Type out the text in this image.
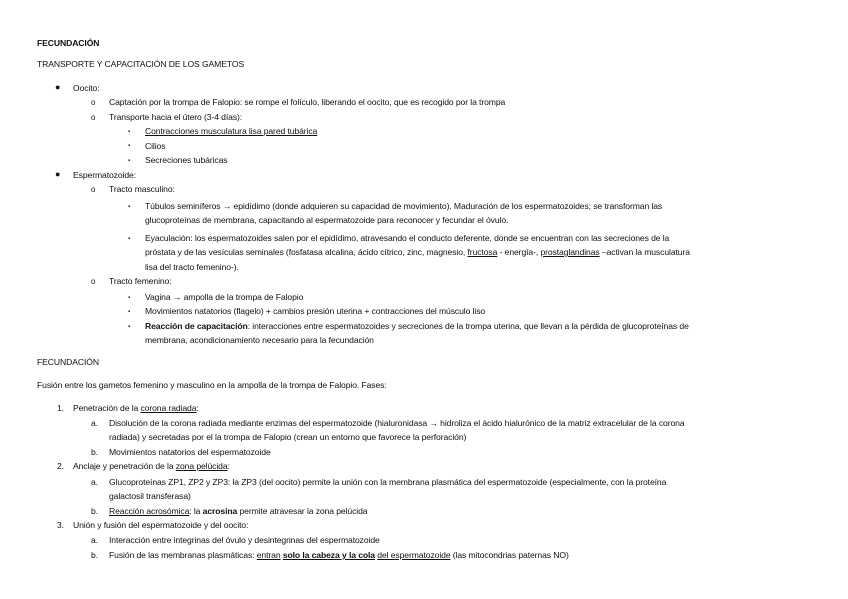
FECUNDACIÓN
TRANSPORTE Y CAPACITACIÓN DE LOS GAMETOS
● Oocito:
o Captación por la trompa de Falopio: se rompe el folículo, liberando el oocito, que es recogido por la trompa
o Transporte hacia el útero (3-4 días):
▪ Contracciones musculatura lisa pared tubárica
▪ Cilios
▪ Secreciones tubáricas
● Espermatozoide:
o Tracto masculino:
▪ Túbulos seminíferos → epidídimo (donde adquieren su capacidad de movimiento). Maduración de los espermatozoides; se transforman las
glucoproteínas de membrana, capacitando al espermatozoide para reconocer y fecundar el óvulo.
▪ Eyaculación: los espermatozoides salen por el epidídimo, atravesando el conducto deferente, donde se encuentran con las secreciones de la
próstata y de las vesículas seminales (fosfatasa alcalina, ácido cítrico, zinc, magnesio, fructosa - energía-, prostaglandinas –activan la musculatura
lisa del tracto femenino-).
o Tracto femenino:
▪ Vagina → ampolla de la trompa de Falopio
▪ Movimientos natatorios (flagelo) + cambios presión uterina + contracciones del músculo liso
▪ Reacción de capacitación: interacciones entre espermatozoides y secreciones de la trompa uterina, que llevan a la pérdida de glucoproteínas de
membrana, acondicionamiento necesario para la fecundación
FECUNDACIÓN
Fusión entre los gametos femenino y masculino en la ampolla de la trompa de Falopio. Fases:
1. Penetración de la corona radiada:
a. Disolución de la corona radiada mediante enzimas del espermatozoide (hialuronidasa → hidroliza el ácido hialurónico de la matriz extracelular de la corona
radiada) y secretadas por el la trompa de Falopio (crean un entorno que favorece la perforación)
b. Movimientos natatorios del espermatozoide
2. Anclaje y penetración de la zona pelúcida:
a. Glucoproteínas ZP1, ZP2 y ZP3: la ZP3 (del oocito) permite la unión con la membrana plasmática del espermatozoide (especialmente, con la proteína
galactosil transferasa)
b. Reacción acrosómica: la acrosina permite atravesar la zona pelúcida
3. Unión y fusión del espermatozoide y del oocito:
a. Interacción entre integrinas del óvulo y desintegrinas del espermatozoide
b. Fusión de las membranas plasmáticas: entran solo la cabeza y la cola del espermatozoide (las mitocondrias paternas NO)
